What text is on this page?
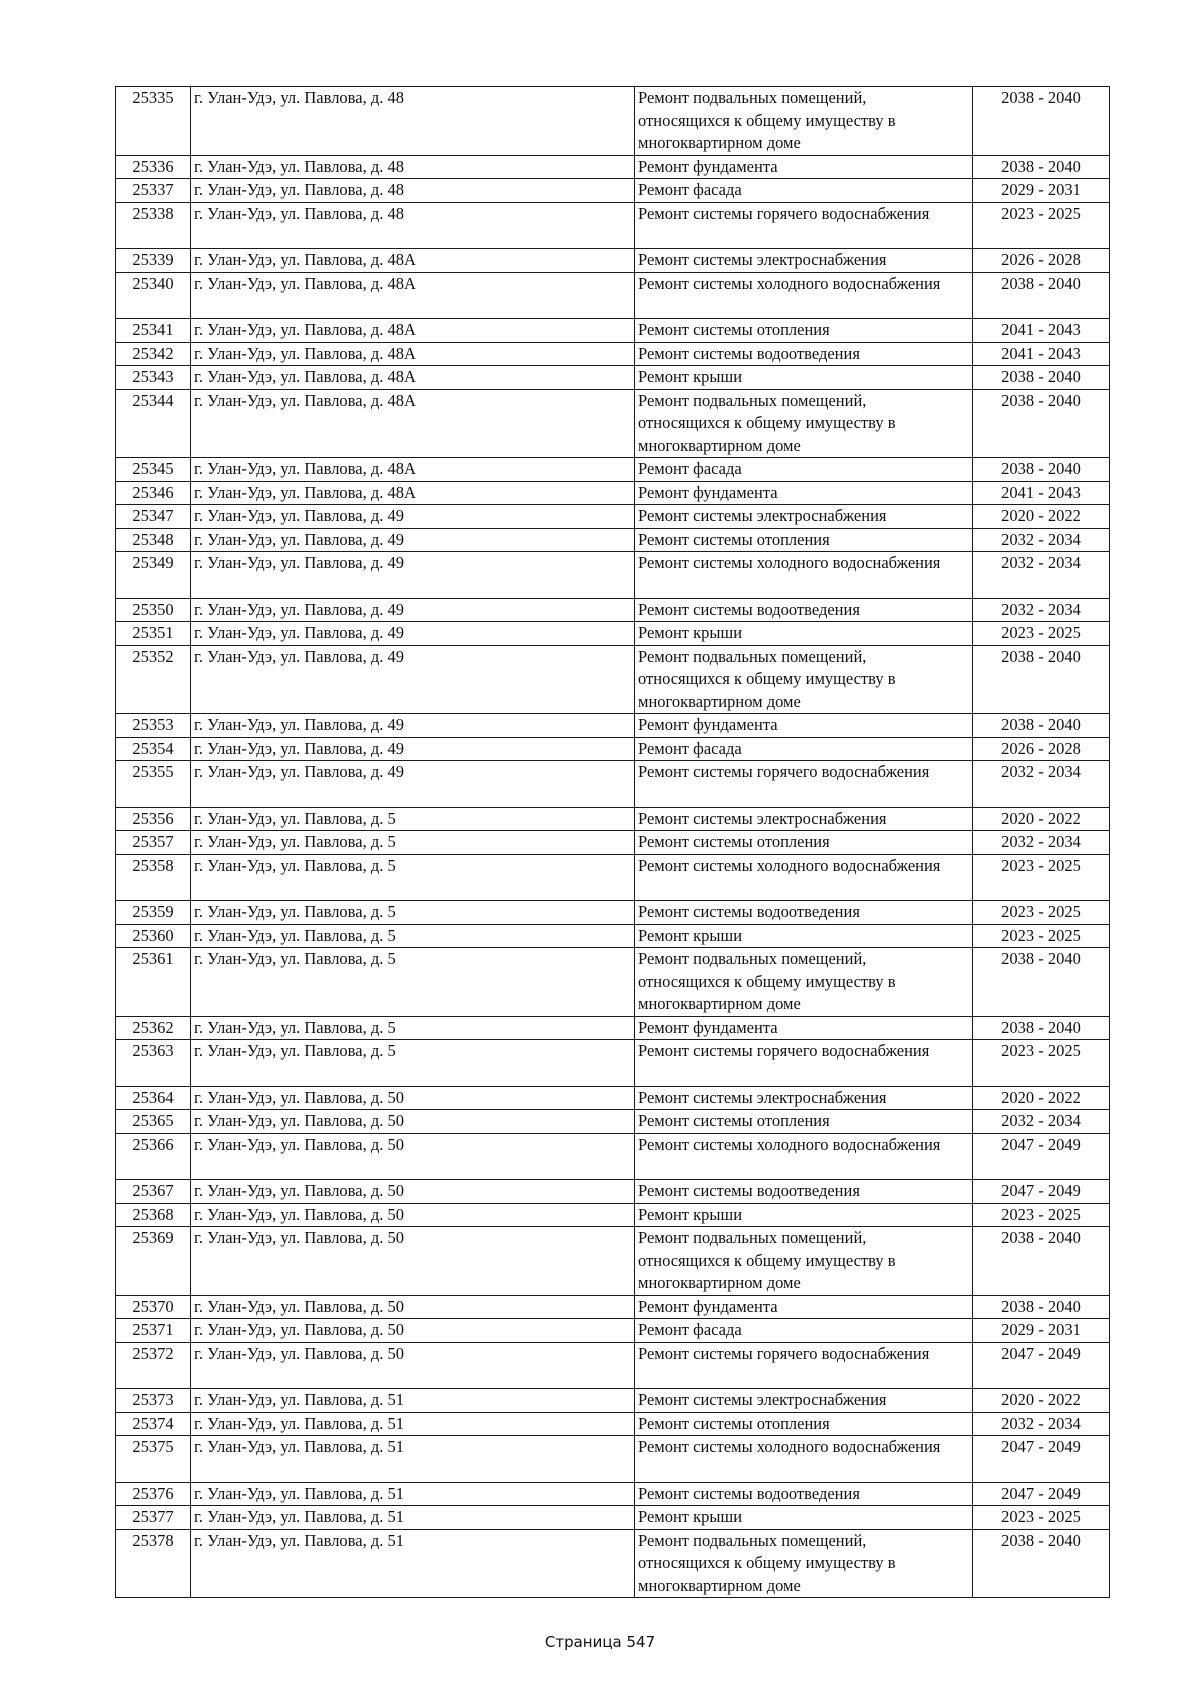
25335	г. Улан-Удэ, ул. Павлова, д. 48	Ремонт подвальных помещений,
относящихся к общему имуществу в
многоквартирном доме	2038 - 2040
25336	г. Улан-Удэ, ул. Павлова, д. 48	Ремонт фундамента	2038 - 2040
25337	г. Улан-Удэ, ул. Павлова, д. 48	Ремонт фасада	2029 - 2031
25338	г. Улан-Удэ, ул. Павлова, д. 48	Ремонт системы горячего водоснабжения	2023 - 2025
25339	г. Улан-Удэ, ул. Павлова, д. 48А	Ремонт системы электроснабжения	2026 - 2028
25340	г. Улан-Удэ, ул. Павлова, д. 48А	Ремонт системы холодного водоснабжения	2038 - 2040
25341	г. Улан-Удэ, ул. Павлова, д. 48А	Ремонт системы отопления	2041 - 2043
25342	г. Улан-Удэ, ул. Павлова, д. 48А	Ремонт системы водоотведения	2041 - 2043
25343	г. Улан-Удэ, ул. Павлова, д. 48А	Ремонт крыши	2038 - 2040
25344	г. Улан-Удэ, ул. Павлова, д. 48А	Ремонт подвальных помещений,
относящихся к общему имуществу в
многоквартирном доме	2038 - 2040
25345	г. Улан-Удэ, ул. Павлова, д. 48А	Ремонт фасада	2038 - 2040
25346	г. Улан-Удэ, ул. Павлова, д. 48А	Ремонт фундамента	2041 - 2043
25347	г. Улан-Удэ, ул. Павлова, д. 49	Ремонт системы электроснабжения	2020 - 2022
25348	г. Улан-Удэ, ул. Павлова, д. 49	Ремонт системы отопления	2032 - 2034
25349	г. Улан-Удэ, ул. Павлова, д. 49	Ремонт системы холодного водоснабжения	2032 - 2034
25350	г. Улан-Удэ, ул. Павлова, д. 49	Ремонт системы водоотведения	2032 - 2034
25351	г. Улан-Удэ, ул. Павлова, д. 49	Ремонт крыши	2023 - 2025
25352	г. Улан-Удэ, ул. Павлова, д. 49	Ремонт подвальных помещений,
относящихся к общему имуществу в
многоквартирном доме	2038 - 2040
25353	г. Улан-Удэ, ул. Павлова, д. 49	Ремонт фундамента	2038 - 2040
25354	г. Улан-Удэ, ул. Павлова, д. 49	Ремонт фасада	2026 - 2028
25355	г. Улан-Удэ, ул. Павлова, д. 49	Ремонт системы горячего водоснабжения	2032 - 2034
25356	г. Улан-Удэ, ул. Павлова, д. 5	Ремонт системы электроснабжения	2020 - 2022
25357	г. Улан-Удэ, ул. Павлова, д. 5	Ремонт системы отопления	2032 - 2034
25358	г. Улан-Удэ, ул. Павлова, д. 5	Ремонт системы холодного водоснабжения	2023 - 2025
25359	г. Улан-Удэ, ул. Павлова, д. 5	Ремонт системы водоотведения	2023 - 2025
25360	г. Улан-Удэ, ул. Павлова, д. 5	Ремонт крыши	2023 - 2025
25361	г. Улан-Удэ, ул. Павлова, д. 5	Ремонт подвальных помещений,
относящихся к общему имуществу в
многоквартирном доме	2038 - 2040
25362	г. Улан-Удэ, ул. Павлова, д. 5	Ремонт фундамента	2038 - 2040
25363	г. Улан-Удэ, ул. Павлова, д. 5	Ремонт системы горячего водоснабжения	2023 - 2025
25364	г. Улан-Удэ, ул. Павлова, д. 50	Ремонт системы электроснабжения	2020 - 2022
25365	г. Улан-Удэ, ул. Павлова, д. 50	Ремонт системы отопления	2032 - 2034
25366	г. Улан-Удэ, ул. Павлова, д. 50	Ремонт системы холодного водоснабжения	2047 - 2049
25367	г. Улан-Удэ, ул. Павлова, д. 50	Ремонт системы водоотведения	2047 - 2049
25368	г. Улан-Удэ, ул. Павлова, д. 50	Ремонт крыши	2023 - 2025
25369	г. Улан-Удэ, ул. Павлова, д. 50	Ремонт подвальных помещений,
относящихся к общему имуществу в
многоквартирном доме	2038 - 2040
25370	г. Улан-Удэ, ул. Павлова, д. 50	Ремонт фундамента	2038 - 2040
25371	г. Улан-Удэ, ул. Павлова, д. 50	Ремонт фасада	2029 - 2031
25372	г. Улан-Удэ, ул. Павлова, д. 50	Ремонт системы горячего водоснабжения	2047 - 2049
25373	г. Улан-Удэ, ул. Павлова, д. 51	Ремонт системы электроснабжения	2020 - 2022
25374	г. Улан-Удэ, ул. Павлова, д. 51	Ремонт системы отопления	2032 - 2034
25375	г. Улан-Удэ, ул. Павлова, д. 51	Ремонт системы холодного водоснабжения	2047 - 2049
25376	г. Улан-Удэ, ул. Павлова, д. 51	Ремонт системы водоотведения	2047 - 2049
25377	г. Улан-Удэ, ул. Павлова, д. 51	Ремонт крыши	2023 - 2025
25378	г. Улан-Удэ, ул. Павлова, д. 51	Ремонт подвальных помещений,
относящихся к общему имуществу в
многоквартирном доме	2038 - 2040
Страница 547
